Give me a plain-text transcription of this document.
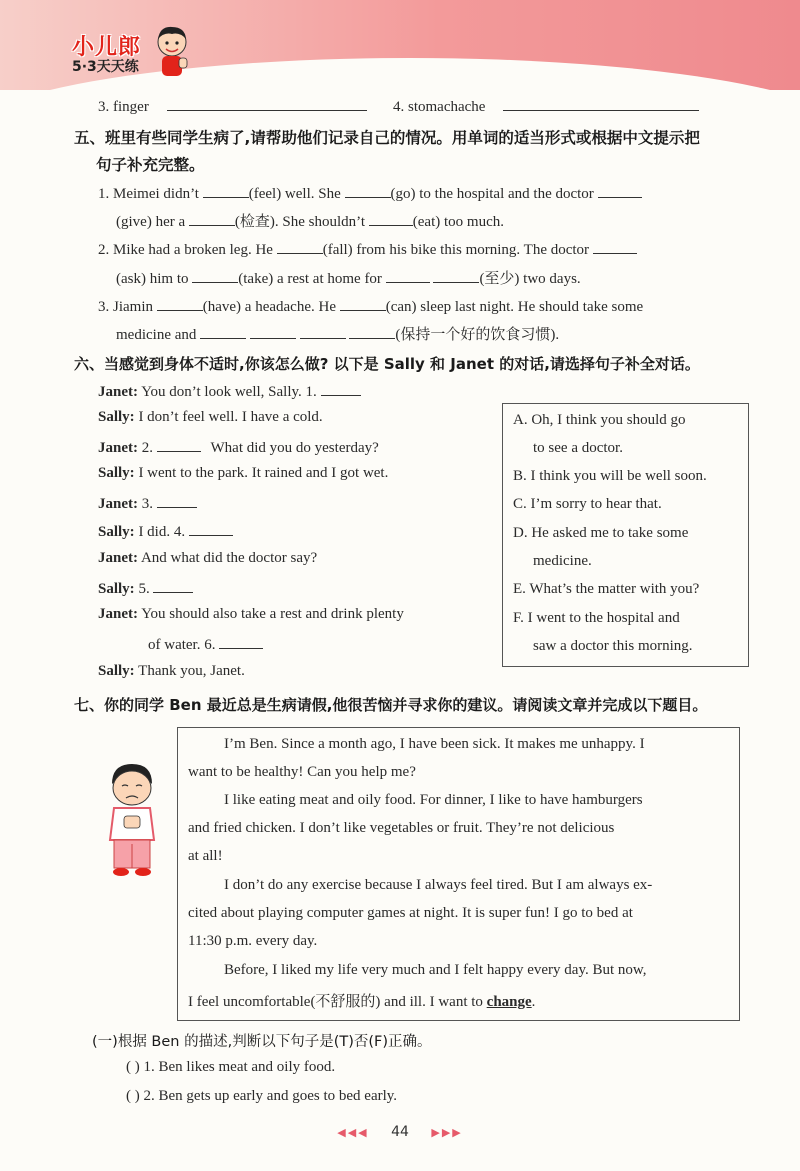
小儿郎
5·3天天练
3. finger	4. stomachache
五、班里有些同学生病了,请帮助他们记录自己的情况。用单词的适当形式或根据中文提示把
句子补充完整。
1. Meimei didn’t	(feel) well. She	(go) to the hospital and the doctor
(give) her a	(检查). She shouldn’t	(eat) too much.
2. Mike had a broken leg. He	(fall) from his bike this morning. The doctor
(ask) him to	(take) a rest at home for	(至少) two days.
3. Jiamin	(have) a headache. He	(can) sleep last night. He should take some
medicine and	(保持一个好的饮食习惯).
六、当感觉到身体不适时,你该怎么做? 以下是 Sally 和 Janet 的对话,请选择句子补全对话。
Janet: You don’t look well, Sally. 1.
Sally: I don’t feel well. I have a cold.
Janet: 2.	What did you do yesterday?
Sally: I went to the park. It rained and I got wet.
Janet: 3.
Sally: I did. 4.
Janet: And what did the doctor say?
Sally: 5.
Janet: You should also take a rest and drink plenty
of water. 6.
Sally: Thank you, Janet.
A. Oh, I think you should go
to see a doctor.
B. I think you will be well soon.
C. I’m sorry to hear that.
D. He asked me to take some
medicine.
E. What’s the matter with you?
F. I went to the hospital and
saw a doctor this morning.
七、你的同学 Ben 最近总是生病请假,他很苦恼并寻求你的建议。请阅读文章并完成以下题目。
I’m Ben. Since a month ago, I have been sick. It makes me unhappy. I
want to be healthy! Can you help me?
I like eating meat and oily food. For dinner, I like to have hamburgers
and fried chicken. I don’t like vegetables or fruit. They’re not delicious
at all!
I don’t do any exercise because I always feel tired. But I am always ex-
cited about playing computer games at night. It is super fun! I go to bed at
11:30 p.m. every day.
Before, I liked my life very much and I felt happy every day. But now,
I feel uncomfortable(不舒服的) and ill. I want to change.
(一)根据 Ben 的描述,判断以下句子是(T)否(F)正确。
( ) 1. Ben likes meat and oily food.
( ) 2. Ben gets up early and goes to bed early.
◀◀◀ 44 ▶▶▶
